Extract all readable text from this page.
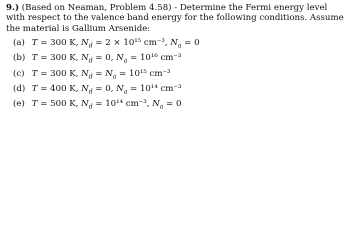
9.) (Based on Neaman, Problem 4.58) - Determine the Fermi energy level with respect to the valence band energy for the following conditions. Assume the material is Gallium Arsenide:

(a) T = 300 K, $N_d = 2 \times 10^{15}$ cm⁻³, $N_a = 0$
(b) T = 300 K, $N_d = 0$, $N_a = 10^{16}$ cm⁻³
(c) T = 300 K, $N_d = N_a = 10^{15}$ cm⁻³
(d) T = 400 K, $N_d = 0$, $N_a = 10^{14}$ cm⁻³
(e) T = 500 K, $N_d = 10^{14}$ cm⁻³, $N_a = 0$
